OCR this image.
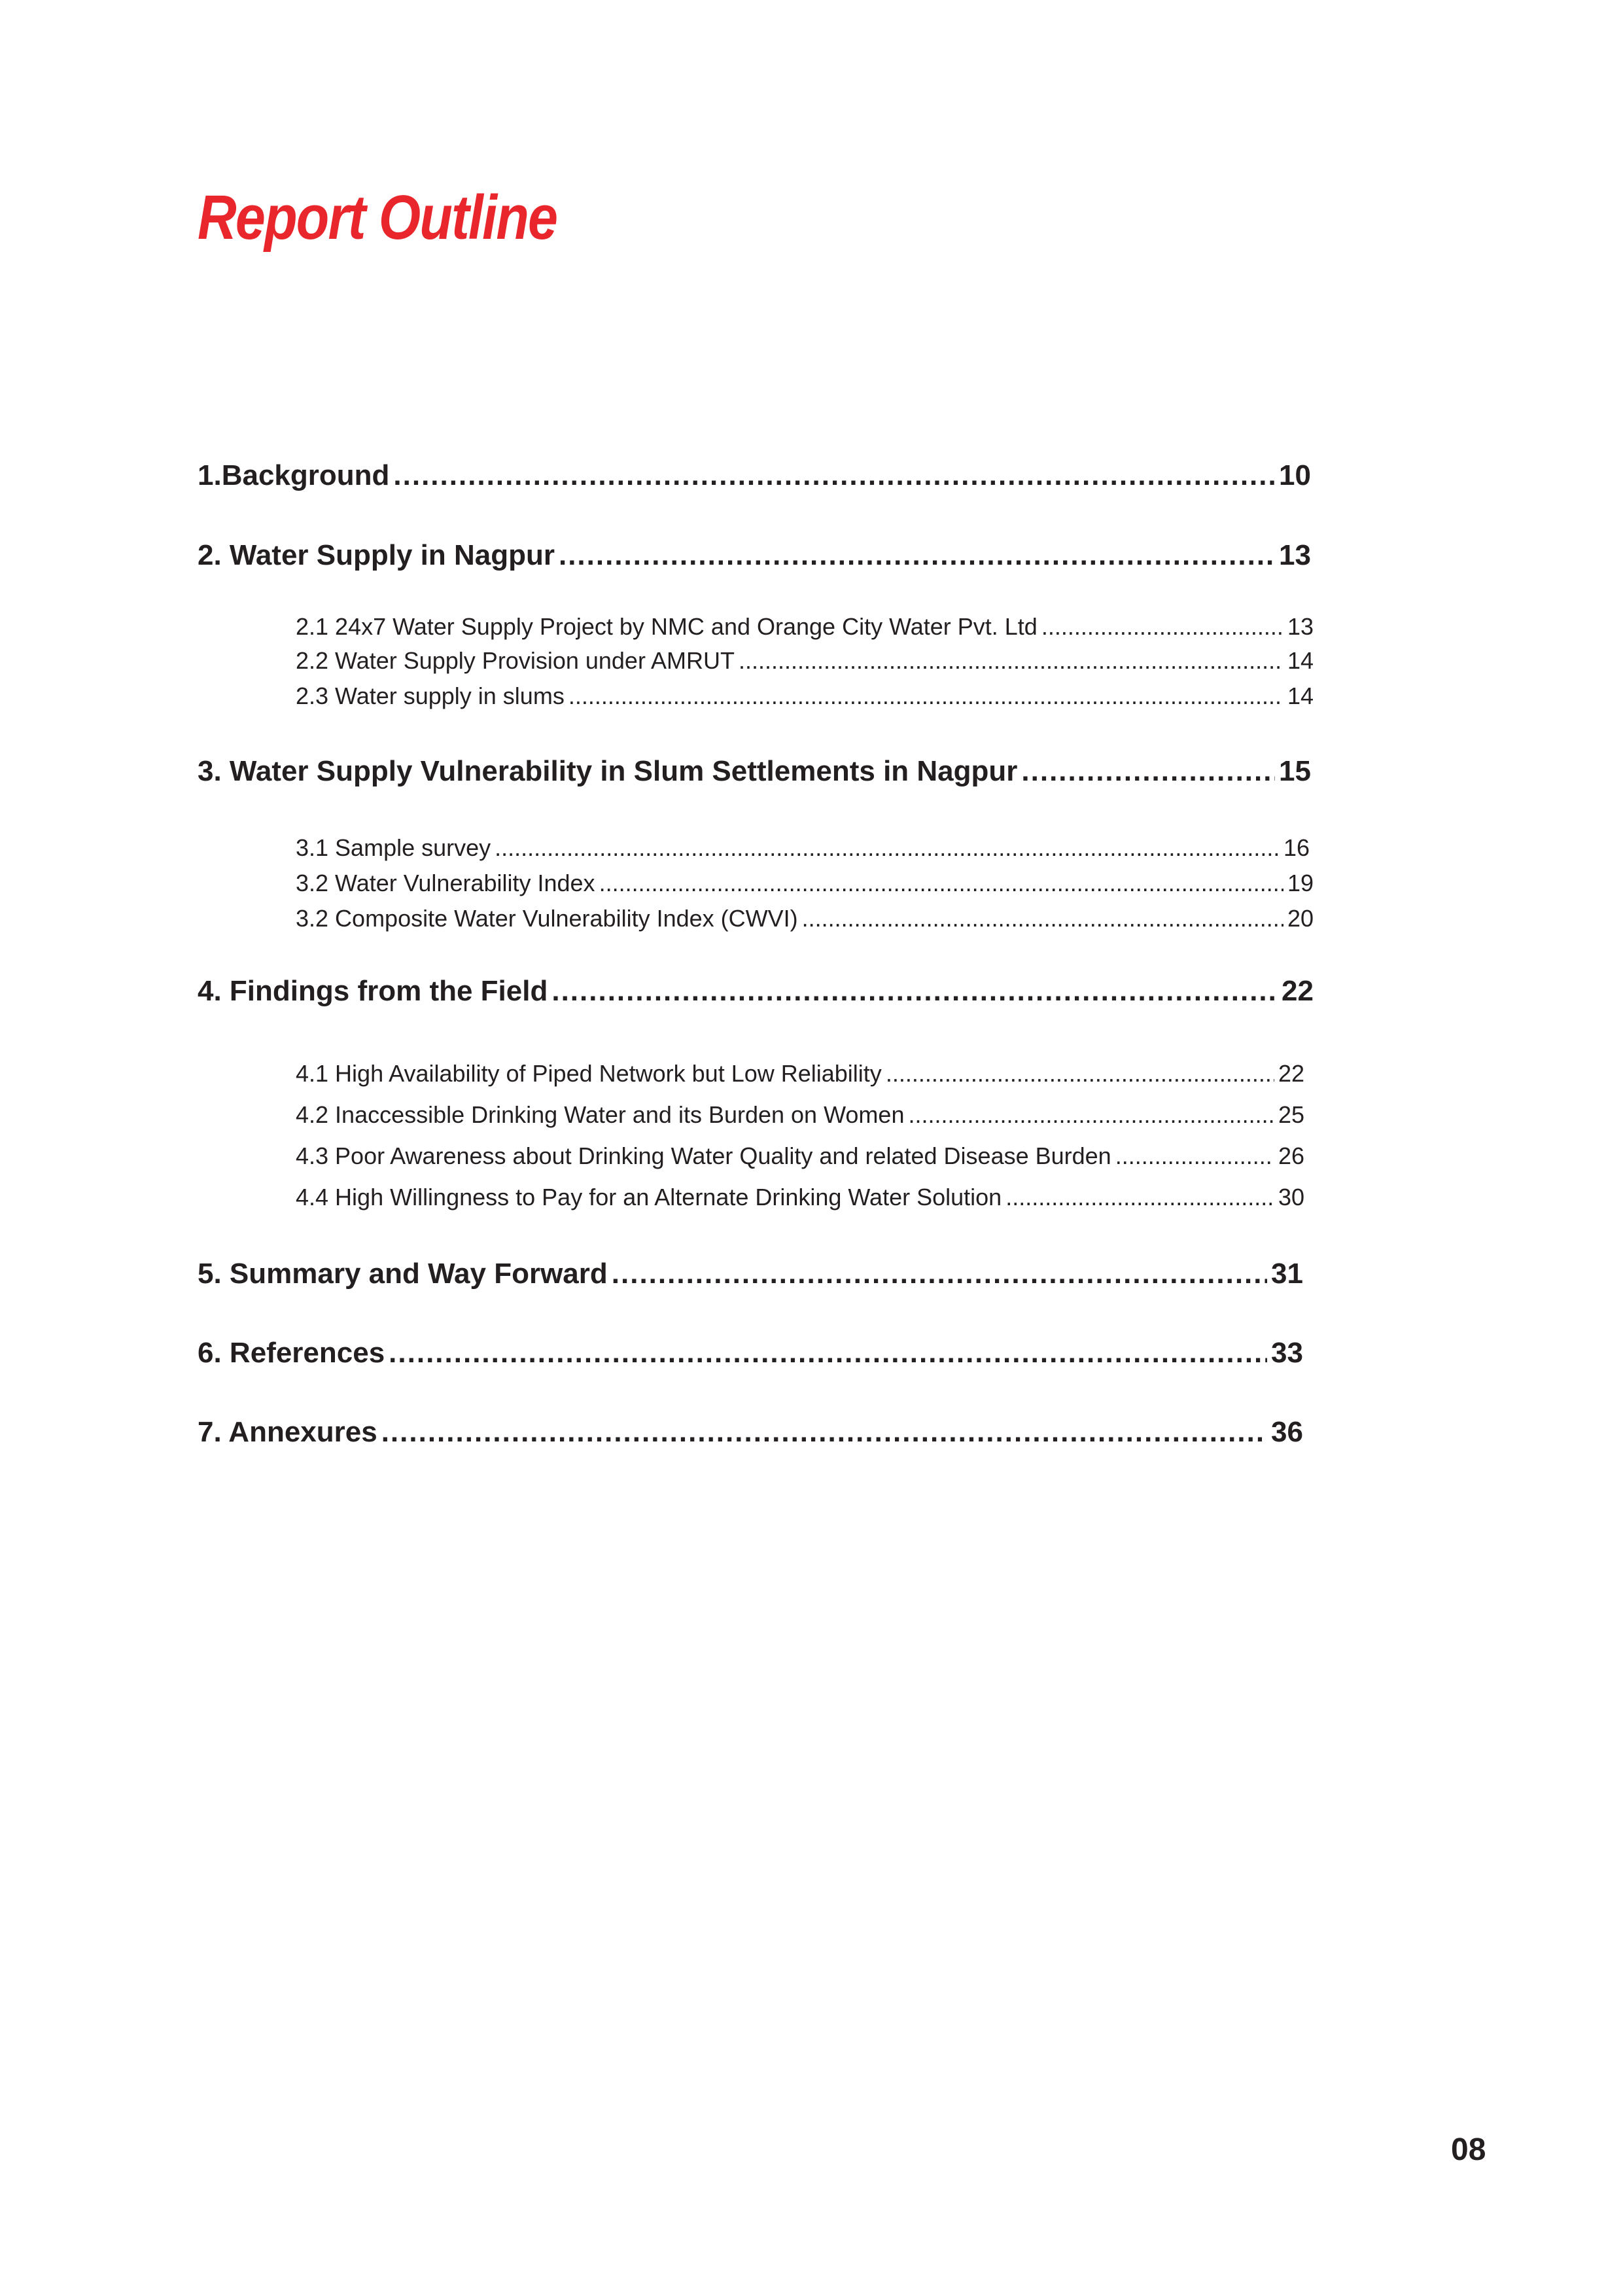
Report Outline
1.Background .....	10
2. Water Supply in Nagpur .....	13
2.1 24x7 Water Supply Project by NMC and Orange City Water Pvt. Ltd .....	13
2.2 Water Supply Provision under AMRUT .....	14
2.3 Water supply in slums .....	14
3. Water Supply Vulnerability in Slum Settlements in Nagpur .....	15
3.1 Sample survey .....	16
3.2 Water Vulnerability Index .....	19
3.2 Composite Water Vulnerability Index (CWVI) .....	20
4. Findings from the Field .....	22
4.1 High Availability of Piped Network but Low Reliability .....	22
4.2 Inaccessible Drinking Water and its Burden on Women .....	25
4.3 Poor Awareness about Drinking Water Quality and related Disease Burden .....	26
4.4 High Willingness to Pay for an Alternate Drinking Water Solution .....	30
5. Summary and Way Forward .....	31
6. References .....	33
7. Annexures .....	36
08
